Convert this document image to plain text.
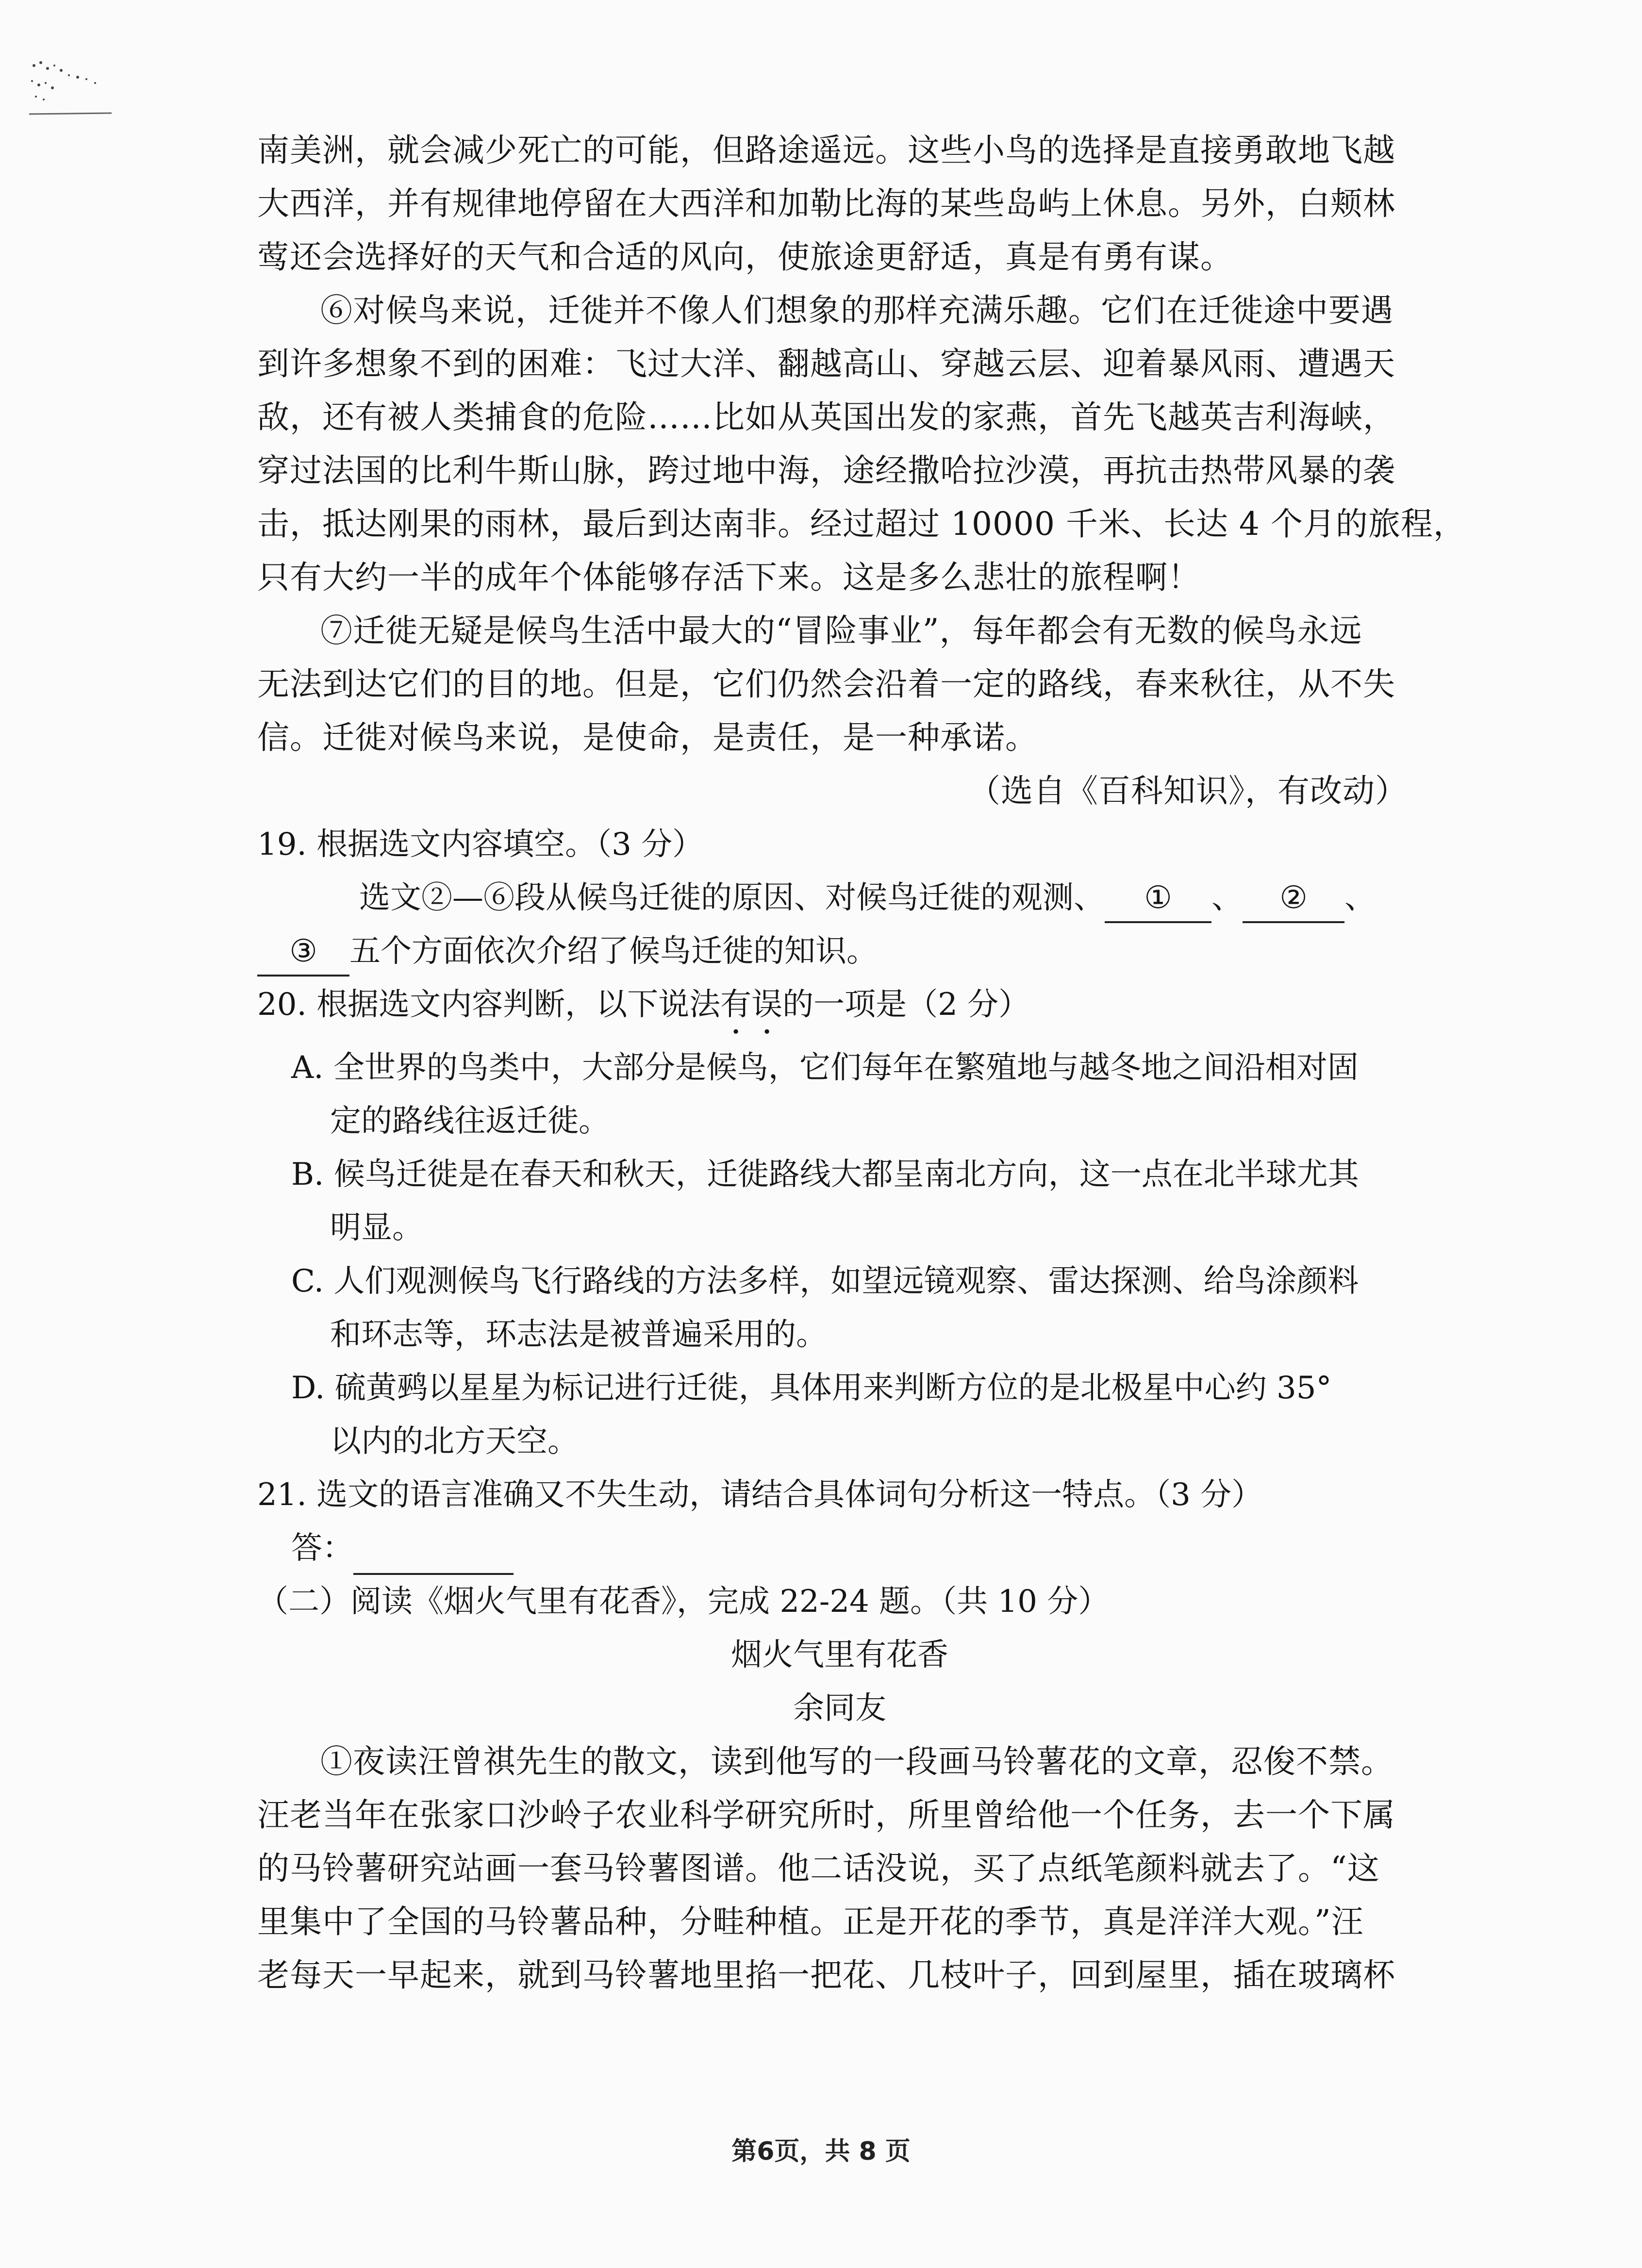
南美洲，就会减少死亡的可能，但路途遥远。这些小鸟的选择是直接勇敢地飞越
大西洋，并有规律地停留在大西洋和加勒比海的某些岛屿上休息。另外，白颊林
莺还会选择好的天气和合适的风向，使旅途更舒适，真是有勇有谋。
⑥对候鸟来说，迁徙并不像人们想象的那样充满乐趣。它们在迁徙途中要遇
到许多想象不到的困难：飞过大洋、翻越高山、穿越云层、迎着暴风雨、遭遇天
敌，还有被人类捕食的危险……比如从英国出发的家燕，首先飞越英吉利海峡，
穿过法国的比利牛斯山脉，跨过地中海，途经撒哈拉沙漠，再抗击热带风暴的袭
击，抵达刚果的雨林，最后到达南非。经过超过 10000 千米、长达 4 个月的旅程，
只有大约一半的成年个体能够存活下来。这是多么悲壮的旅程啊！
⑦迁徙无疑是候鸟生活中最大的“冒险事业”，每年都会有无数的候鸟永远
无法到达它们的目的地。但是，它们仍然会沿着一定的路线，春来秋往，从不失
信。迁徙对候鸟来说，是使命，是责任，是一种承诺。
（选自《百科知识》，有改动）
19. 根据选文内容填空。（3 分）
选文②—⑥段从候鸟迁徙的原因、对候鸟迁徙的观测、 ① 、 ② 、
③ 五个方面依次介绍了候鸟迁徙的知识。
20. 根据选文内容判断，以下说法有误的一项是（2 分）
A. 全世界的鸟类中，大部分是候鸟，它们每年在繁殖地与越冬地之间沿相对固
定的路线往返迁徙。
B. 候鸟迁徙是在春天和秋天，迁徙路线大都呈南北方向，这一点在北半球尤其
明显。
C. 人们观测候鸟飞行路线的方法多样，如望远镜观察、雷达探测、给鸟涂颜料
和环志等，环志法是被普遍采用的。
D. 硫黄鹀以星星为标记进行迁徙，具体用来判断方位的是北极星中心约 35°
以内的北方天空。
21. 选文的语言准确又不失生动，请结合具体词句分析这一特点。（3 分）
答：
（二）阅读《烟火气里有花香》，完成 22-24 题。（共 10 分）
烟火气里有花香
余同友
①夜读汪曾祺先生的散文，读到他写的一段画马铃薯花的文章，忍俊不禁。
汪老当年在张家口沙岭子农业科学研究所时，所里曾给他一个任务，去一个下属
的马铃薯研究站画一套马铃薯图谱。他二话没说，买了点纸笔颜料就去了。“这
里集中了全国的马铃薯品种，分畦种植。正是开花的季节，真是洋洋大观。”汪
老每天一早起来，就到马铃薯地里掐一把花、几枝叶子，回到屋里，插在玻璃杯
第6页，共 8 页
